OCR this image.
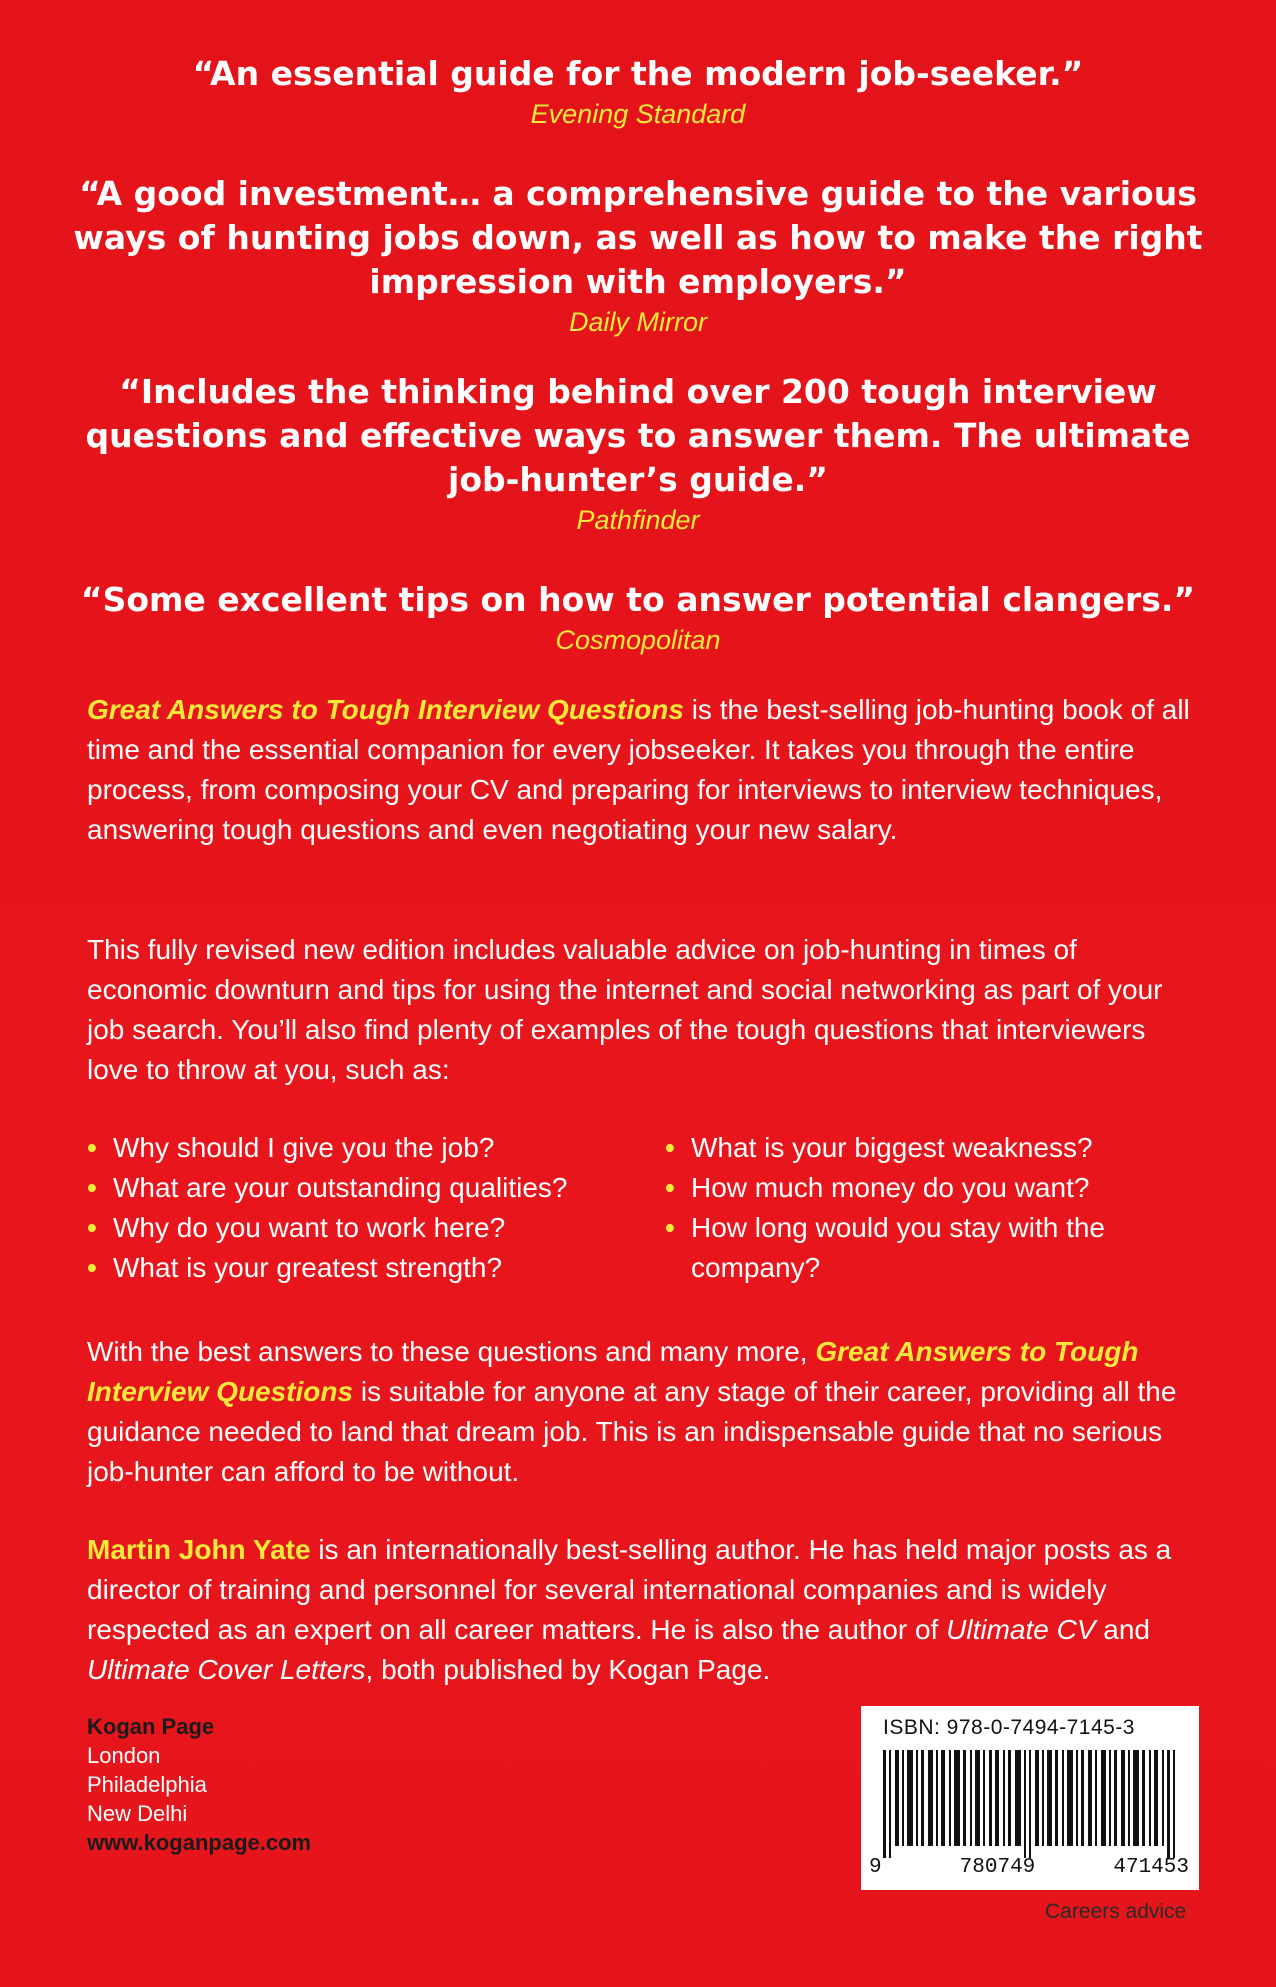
“An essential guide for the modern job-seeker.”

Evening Standard

“A good investment… a comprehensive guide to the various

ways of hunting jobs down, as well as how to make the right

impression with employers.”

Daily Mirror

“Includes the thinking behind over 200 tough interview

questions and effective ways to answer them. The ultimate

job-hunter’s guide.”

Pathfinder

“Some excellent tips on how to answer potential clangers.”

Cosmopolitan

Great Answers to Tough Interview Questions is the best-selling job-hunting book of all time and the essential companion for every jobseeker. It takes you through the entire process, from composing your CV and preparing for interviews to interview techniques, answering tough questions and even negotiating your new salary.

This fully revised new edition includes valuable advice on job-hunting in times of economic downturn and tips for using the internet and social networking as part of your job search. You’ll also find plenty of examples of the tough questions that interviewers love to throw at you, such as:

• Why should I give you the job?
• What are your outstanding qualities?
• Why do you want to work here?
• What is your greatest strength?
• What is your biggest weakness?
• How much money do you want?
• How long would you stay with the company?

With the best answers to these questions and many more, Great Answers to Tough Interview Questions is suitable for anyone at any stage of their career, providing all the guidance needed to land that dream job. This is an indispensable guide that no serious job-hunter can afford to be without.

Martin John Yate is an internationally best-selling author. He has held major posts as a director of training and personnel for several international companies and is widely respected as an expert on all career matters. He is also the author of Ultimate CV and Ultimate Cover Letters, both published by Kogan Page.

Kogan Page
London
Philadelphia
New Delhi
www.koganpage.com
ISBN: 978-0-7494-7145-3
9	780749	471453
Careers advice
